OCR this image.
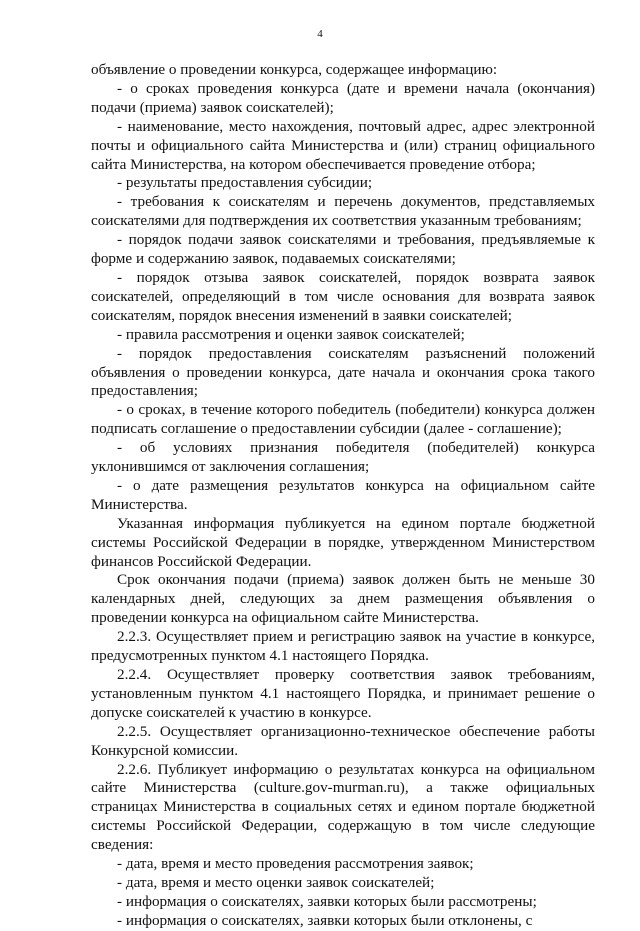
4

объявление о проведении конкурса, содержащее информацию:

- о сроках проведения конкурса (дате и времени начала (окончания) подачи (приема) заявок соискателей);

- наименование, место нахождения, почтовый адрес, адрес электронной почты и официального сайта Министерства и (или) страниц официального сайта Министерства, на котором обеспечивается проведение отбора;

- результаты предоставления субсидии;

- требования к соискателям и перечень документов, представляемых соискателями для подтверждения их соответствия указанным требованиям;

- порядок подачи заявок соискателями и требования, предъявляемые к форме и содержанию заявок, подаваемых соискателями;

- порядок отзыва заявок соискателей, порядок возврата заявок соискателей, определяющий в том числе основания для возврата заявок соискателям, порядок внесения изменений в заявки соискателей;

- правила рассмотрения и оценки заявок соискателей;

- порядок предоставления соискателям разъяснений положений объявления о проведении конкурса, дате начала и окончания срока такого предоставления;

- о сроках, в течение которого победитель (победители) конкурса должен подписать соглашение о предоставлении субсидии (далее - соглашение);

- об условиях признания победителя (победителей) конкурса уклонившимся от заключения соглашения;

- о дате размещения результатов конкурса на официальном сайте Министерства.

Указанная информация публикуется на едином портале бюджетной системы Российской Федерации в порядке, утвержденном Министерством финансов Российской Федерации.

Срок окончания подачи (приема) заявок должен быть не меньше 30 календарных дней, следующих за днем размещения объявления о проведении конкурса на официальном сайте Министерства.

2.2.3. Осуществляет прием и регистрацию заявок на участие в конкурсе, предусмотренных пунктом 4.1 настоящего Порядка.

2.2.4. Осуществляет проверку соответствия заявок требованиям, установленным пунктом 4.1 настоящего Порядка, и принимает решение о допуске соискателей к участию в конкурсе.

2.2.5. Осуществляет организационно-техническое обеспечение работы Конкурсной комиссии.

2.2.6. Публикует информацию о результатах конкурса на официальном сайте Министерства (culture.gov-murman.ru), а также официальных страницах Министерства в социальных сетях и едином портале бюджетной системы Российской Федерации, содержащую в том числе следующие сведения:

- дата, время и место проведения рассмотрения заявок;

- дата, время и место оценки заявок соискателей;

- информация о соискателях, заявки которых были рассмотрены;

- информация о соискателях, заявки которых были отклонены, с
